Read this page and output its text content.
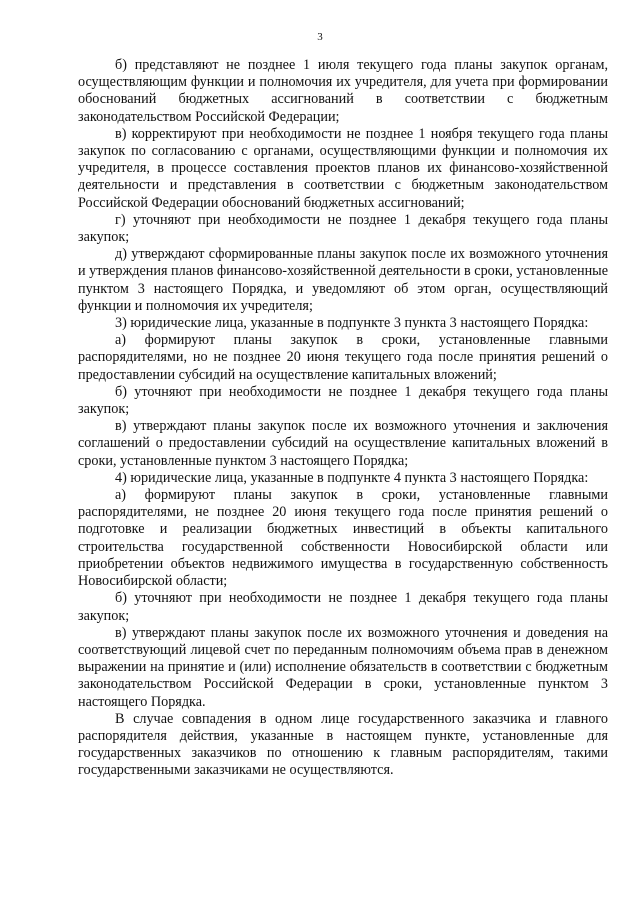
3

б) представляют не позднее 1 июля текущего года планы закупок органам, осуществляющим функции и полномочия их учредителя, для учета при формировании обоснований бюджетных ассигнований в соответствии с бюджетным законодательством Российской Федерации;

в) корректируют при необходимости не позднее 1 ноября текущего года планы закупок по согласованию с органами, осуществляющими функции и полномочия их учредителя, в процессе составления проектов планов их финансово-хозяйственной деятельности и представления в соответствии с бюджетным законодательством Российской Федерации обоснований бюджетных ассигнований;

г) уточняют при необходимости не позднее 1 декабря текущего года планы закупок;

д) утверждают сформированные планы закупок после их возможного уточнения и утверждения планов финансово-хозяйственной деятельности в сроки, установленные пунктом 3 настоящего Порядка, и уведомляют об этом орган, осуществляющий функции и полномочия их учредителя;

3) юридические лица, указанные в подпункте 3 пункта 3 настоящего Порядка:

а) формируют планы закупок в сроки, установленные главными распорядителями, но не позднее 20 июня текущего года после принятия решений о предоставлении субсидий на осуществление капитальных вложений;

б) уточняют при необходимости не позднее 1 декабря текущего года планы закупок;

в) утверждают планы закупок после их возможного уточнения и заключения соглашений о предоставлении субсидий на осуществление капитальных вложений в сроки, установленные пунктом 3 настоящего Порядка;

4) юридические лица, указанные в подпункте 4 пункта 3 настоящего Порядка:

а) формируют планы закупок в сроки, установленные главными распорядителями, не позднее 20 июня текущего года после принятия решений о подготовке и реализации бюджетных инвестиций в объекты капитального строительства государственной собственности Новосибирской области или приобретении объектов недвижимого имущества в государственную собственность Новосибирской области;

б) уточняют при необходимости не позднее 1 декабря текущего года планы закупок;

в) утверждают планы закупок после их возможного уточнения и доведения на соответствующий лицевой счет по переданным полномочиям объема прав в денежном выражении на принятие и (или) исполнение обязательств в соответствии с бюджетным законодательством Российской Федерации в сроки, установленные пунктом 3 настоящего Порядка.

В случае совпадения в одном лице государственного заказчика и главного распорядителя действия, указанные в настоящем пункте, установленные для государственных заказчиков по отношению к главным распорядителям, такими государственными заказчиками не осуществляются.
